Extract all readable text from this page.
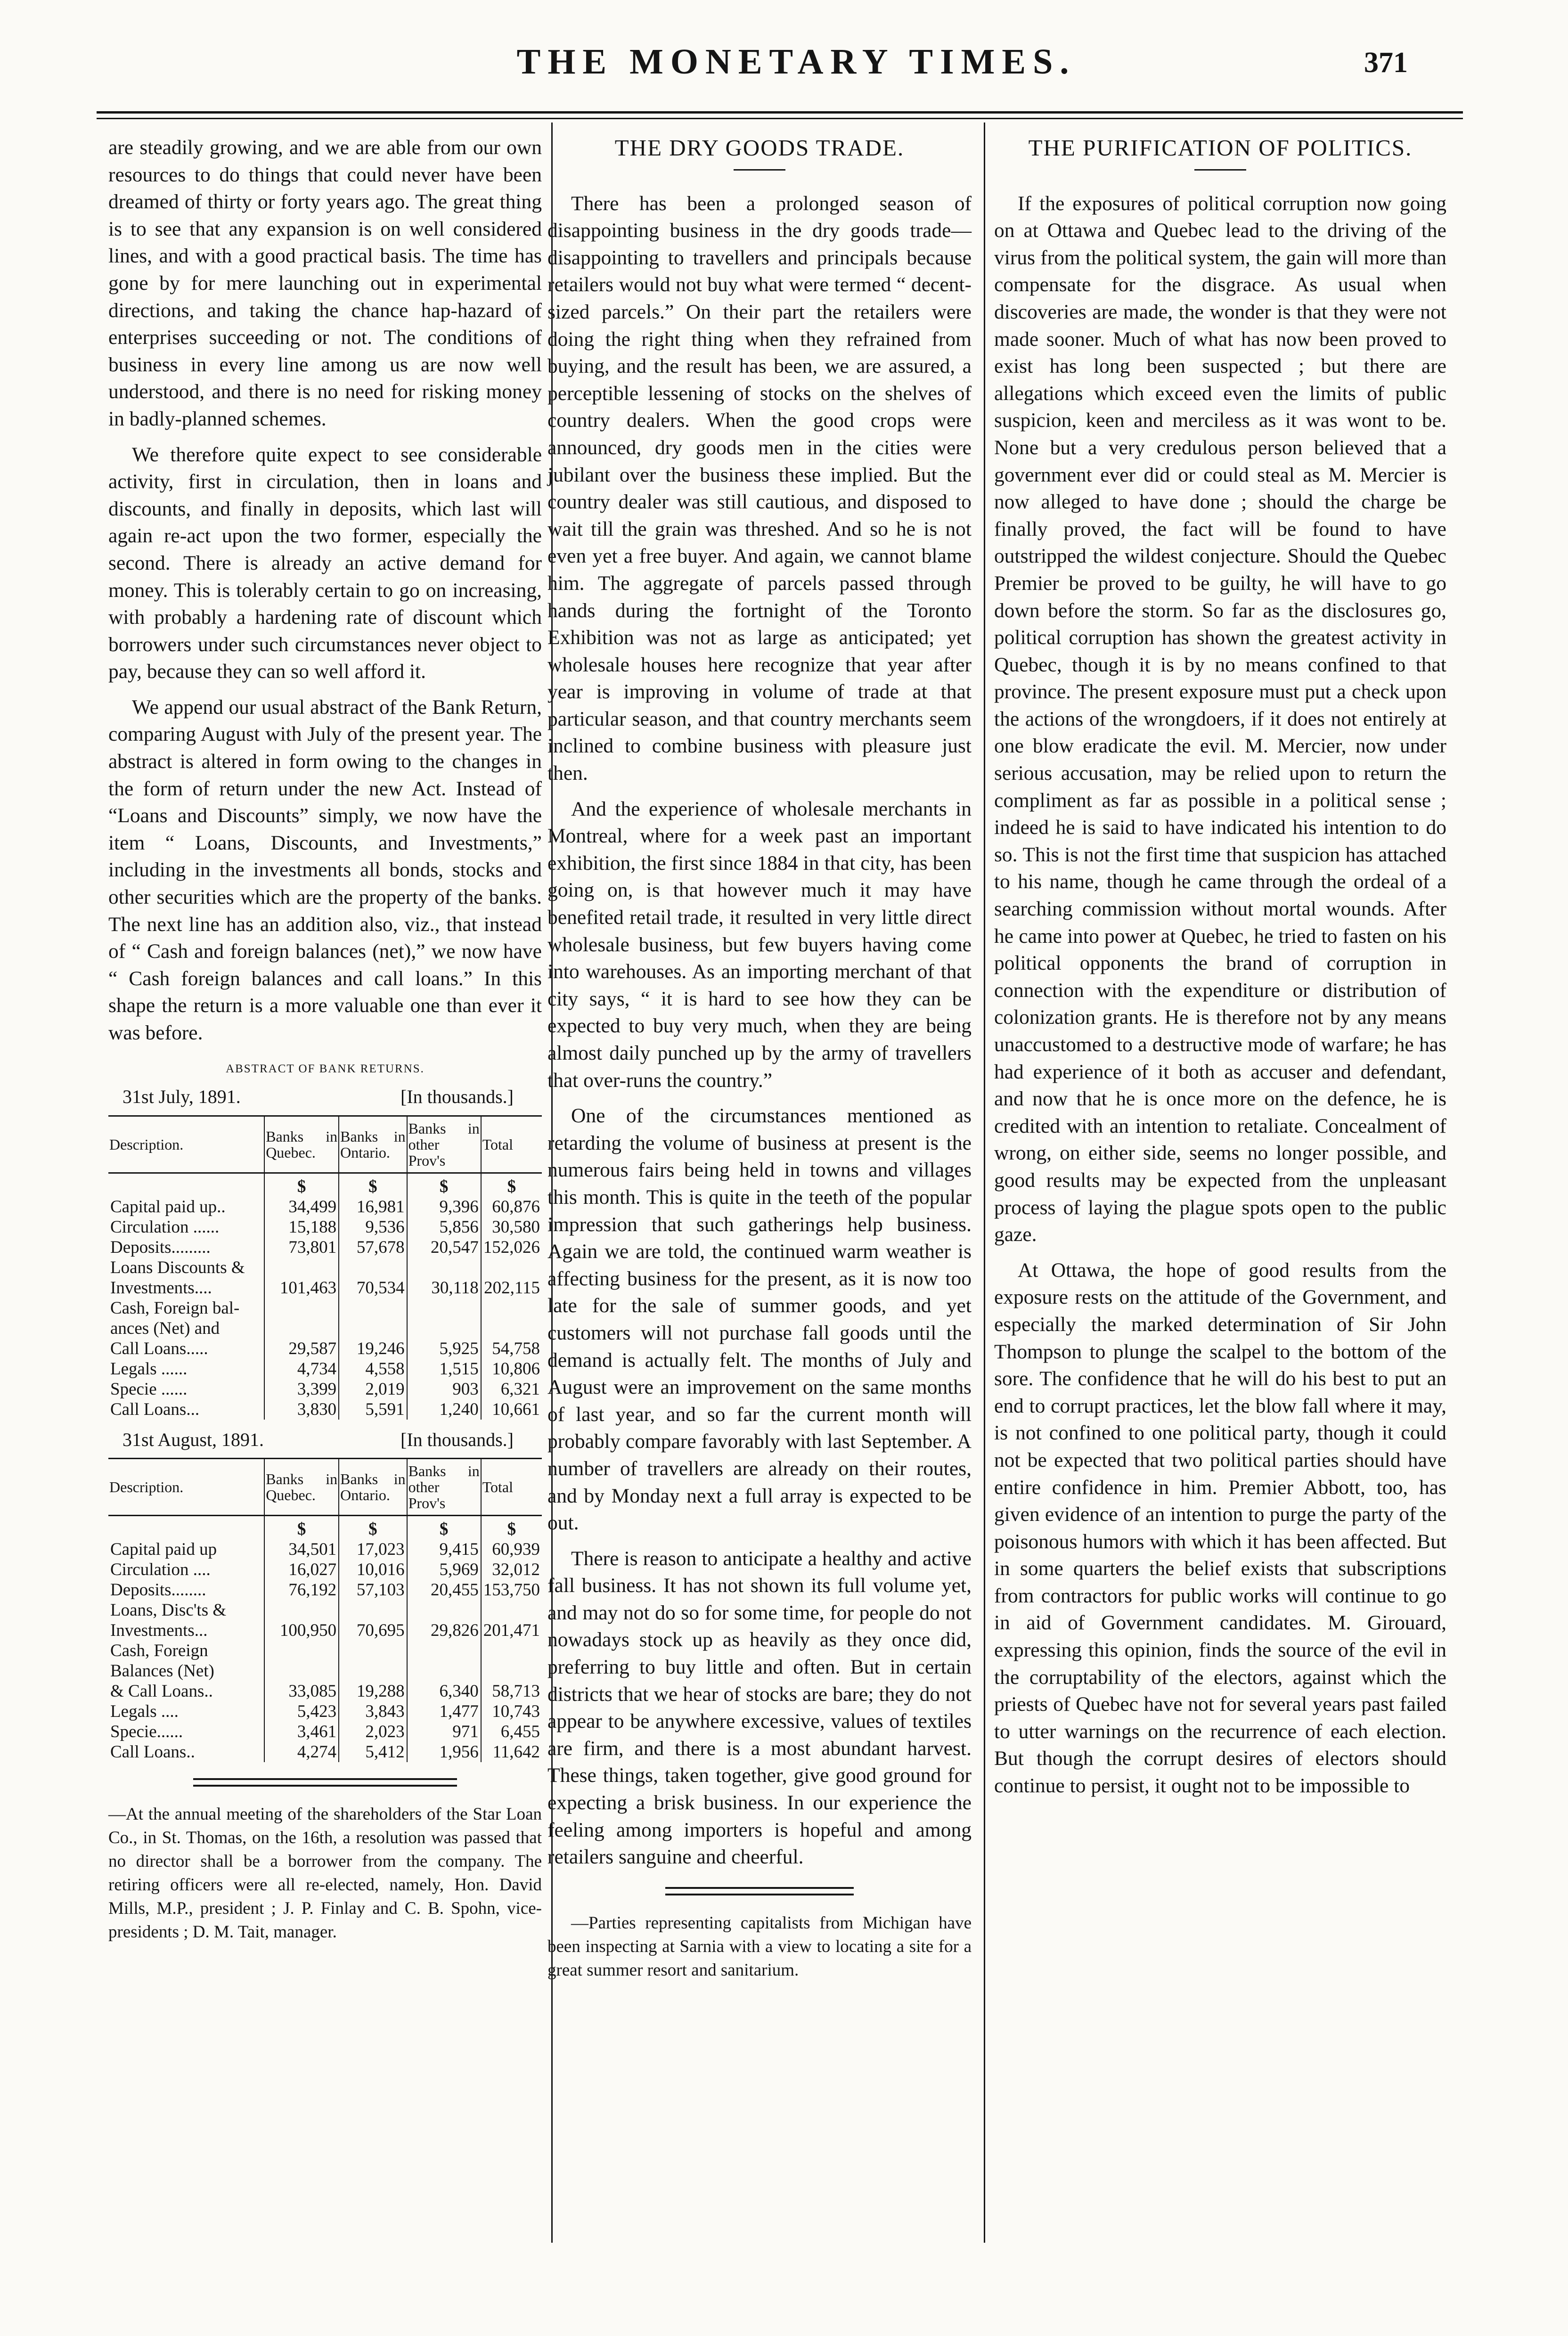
THE MONETARY TIMES.	371

are steadily growing, and we are able from our own resources to do things that could never have been dreamed of thirty or forty years ago. The great thing is to see that any expansion is on well considered lines, and with a good practical basis. The time has gone by for mere launching out in experimental directions, and taking the chance hap-hazard of enterprises succeeding or not. The conditions of business in every line among us are now well understood, and there is no need for risking money in badly-planned schemes.

We therefore quite expect to see considerable activity, first in circulation, then in loans and discounts, and finally in deposits, which last will again re-act upon the two former, especially the second. There is already an active demand for money. This is tolerably certain to go on increasing, with probably a hardening rate of discount which borrowers under such circumstances never object to pay, because they can so well afford it.

We append our usual abstract of the Bank Return, comparing August with July of the present year. The abstract is altered in form owing to the changes in the form of return under the new Act. Instead of “Loans and Discounts” simply, we now have the item “ Loans, Discounts, and Investments,” including in the investments all bonds, stocks and other securities which are the property of the banks. The next line has an addition also, viz., that instead of “ Cash and foreign balances (net),” we now have “ Cash foreign balances and call loans.” In this shape the return is a more valuable one than ever it was before.

ABSTRACT OF BANK RETURNS.
31st July, 1891.	[In thousands.]
Description.	Banks in Quebec.	Banks in Ontario.	Banks in other Prov's	Total
	$	$	$	$
Capital paid up..	34,499	16,981	9,396	60,876
Circulation ......	15,188	9,536	5,856	30,580
Deposits.........	73,801	57,678	20,547	152,026
Loans Discounts &				
Investments....	101,463	70,534	30,118	202,115
Cash, Foreign bal-				
ances (Net) and				
Call Loans.....	29,587	19,246	5,925	54,758
Legals ......	4,734	4,558	1,515	10,806
Specie ......	3,399	2,019	903	6,321
Call Loans...	3,830	5,591	1,240	10,661
31st August, 1891.	[In thousands.]
Description.	Banks in Quebec.	Banks in Ontario.	Banks in other Prov's	Total
	$	$	$	$
Capital paid up	34,501	17,023	9,415	60,939
Circulation ....	16,027	10,016	5,969	32,012
Deposits........	76,192	57,103	20,455	153,750
Loans, Disc'ts &				
Investments...	100,950	70,695	29,826	201,471
Cash, Foreign				
Balances (Net)				
& Call Loans..	33,085	19,288	6,340	58,713
Legals ....	5,423	3,843	1,477	10,743
Specie......	3,461	2,023	971	6,455
Call Loans..	4,274	5,412	1,956	11,642

—At the annual meeting of the shareholders of the Star Loan Co., in St. Thomas, on the 16th, a resolution was passed that no director shall be a borrower from the company. The retiring officers were all re-elected, namely, Hon. David Mills, M.P., president ; J. P. Finlay and C. B. Spohn, vice-presidents ; D. M. Tait, manager.

THE DRY GOODS TRADE.

There has been a prolonged season of disappointing business in the dry goods trade—disappointing to travellers and principals because retailers would not buy what were termed “ decent-sized parcels.” On their part the retailers were doing the right thing when they refrained from buying, and the result has been, we are assured, a perceptible lessening of stocks on the shelves of country dealers. When the good crops were announced, dry goods men in the cities were jubilant over the business these implied. But the country dealer was still cautious, and disposed to wait till the grain was threshed. And so he is not even yet a free buyer. And again, we cannot blame him. The aggregate of parcels passed through hands during the fortnight of the Toronto Exhibition was not as large as anticipated; yet wholesale houses here recognize that year after year is improving in volume of trade at that particular season, and that country merchants seem inclined to combine business with pleasure just then.

And the experience of wholesale merchants in Montreal, where for a week past an important exhibition, the first since 1884 in that city, has been going on, is that however much it may have benefited retail trade, it resulted in very little direct wholesale business, but few buyers having come into warehouses. As an importing merchant of that city says, “ it is hard to see how they can be expected to buy very much, when they are being almost daily punched up by the army of travellers that over-runs the country.”

One of the circumstances mentioned as retarding the volume of business at present is the numerous fairs being held in towns and villages this month. This is quite in the teeth of the popular impression that such gatherings help business. Again we are told, the continued warm weather is affecting business for the present, as it is now too late for the sale of summer goods, and yet customers will not purchase fall goods until the demand is actually felt. The months of July and August were an improvement on the same months of last year, and so far the current month will probably compare favorably with last September. A number of travellers are already on their routes, and by Monday next a full array is expected to be out.

There is reason to anticipate a healthy and active fall business. It has not shown its full volume yet, and may not do so for some time, for people do not nowadays stock up as heavily as they once did, preferring to buy little and often. But in certain districts that we hear of stocks are bare; they do not appear to be anywhere excessive, values of textiles are firm, and there is a most abundant harvest. These things, taken together, give good ground for expecting a brisk business. In our experience the feeling among importers is hopeful and among retailers sanguine and cheerful.

—Parties representing capitalists from Michigan have been inspecting at Sarnia with a view to locating a site for a great summer resort and sanitarium.

THE PURIFICATION OF POLITICS.

If the exposures of political corruption now going on at Ottawa and Quebec lead to the driving of the virus from the political system, the gain will more than compensate for the disgrace. As usual when discoveries are made, the wonder is that they were not made sooner. Much of what has now been proved to exist has long been suspected ; but there are allegations which exceed even the limits of public suspicion, keen and merciless as it was wont to be. None but a very credulous person believed that a government ever did or could steal as M. Mercier is now alleged to have done ; should the charge be finally proved, the fact will be found to have outstripped the wildest conjecture. Should the Quebec Premier be proved to be guilty, he will have to go down before the storm. So far as the disclosures go, political corruption has shown the greatest activity in Quebec, though it is by no means confined to that province. The present exposure must put a check upon the actions of the wrongdoers, if it does not entirely at one blow eradicate the evil. M. Mercier, now under serious accusation, may be relied upon to return the compliment as far as possible in a political sense ; indeed he is said to have indicated his intention to do so. This is not the first time that suspicion has attached to his name, though he came through the ordeal of a searching commission without mortal wounds. After he came into power at Quebec, he tried to fasten on his political opponents the brand of corruption in connection with the expenditure or distribution of colonization grants. He is therefore not by any means unaccustomed to a destructive mode of warfare; he has had experience of it both as accuser and defendant, and now that he is once more on the defence, he is credited with an intention to retaliate. Concealment of wrong, on either side, seems no longer possible, and good results may be expected from the unpleasant process of laying the plague spots open to the public gaze.

At Ottawa, the hope of good results from the exposure rests on the attitude of the Government, and especially the marked determination of Sir John Thompson to plunge the scalpel to the bottom of the sore. The confidence that he will do his best to put an end to corrupt practices, let the blow fall where it may, is not confined to one political party, though it could not be expected that two political parties should have entire confidence in him. Premier Abbott, too, has given evidence of an intention to purge the party of the poisonous humors with which it has been affected. But in some quarters the belief exists that subscriptions from contractors for public works will continue to go in aid of Government candidates. M. Girouard, expressing this opinion, finds the source of the evil in the corruptability of the electors, against which the priests of Quebec have not for several years past failed to utter warnings on the recurrence of each election. But though the corrupt desires of electors should continue to persist, it ought not to be impossible to
